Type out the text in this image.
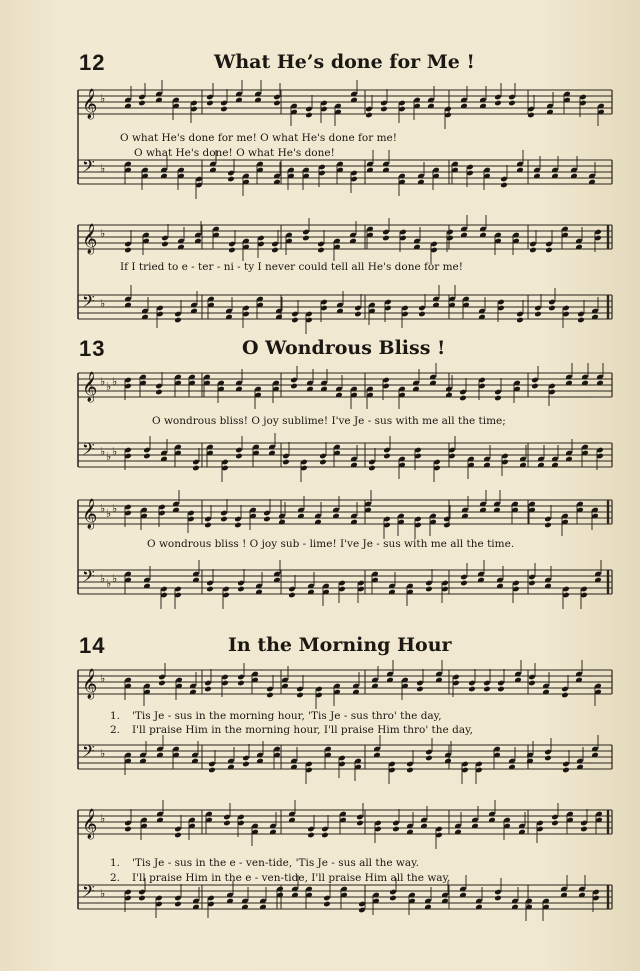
12	What He’s done for Me !
𝄞 ♭
𝄢 ♭
O what He's done for me! O what He's done for me!
O what He's done! O what He's done!
𝄞 ♭
𝄢 ♭
If I tried to e - ter - ni - ty I never could tell all He's done for me!
13	O Wondrous Bliss !
𝄞 ♭ ♭ ♭
𝄢 ♭ ♭ ♭
O wondrous bliss! O joy sublime! I've Je - sus with me all the time;
𝄞 ♭ ♭ ♭
𝄢 ♭ ♭ ♭
O wondrous bliss ! O joy sub - lime! I've Je - sus with me all the time.
14	In the Morning Hour
𝄞 ♭
𝄢 ♭
1. 'Tis Je - sus in the morning hour, 'Tis Je - sus thro' the day,
2. I'll praise Him in the morning hour, I'll praise Him thro' the day,
𝄞 ♭
𝄢 ♭
1. 'Tis Je - sus in the e - ven-tide, 'Tis Je - sus all the way.
2. I'll praise Him in the e - ven-tide, I'll praise Him all the way.
